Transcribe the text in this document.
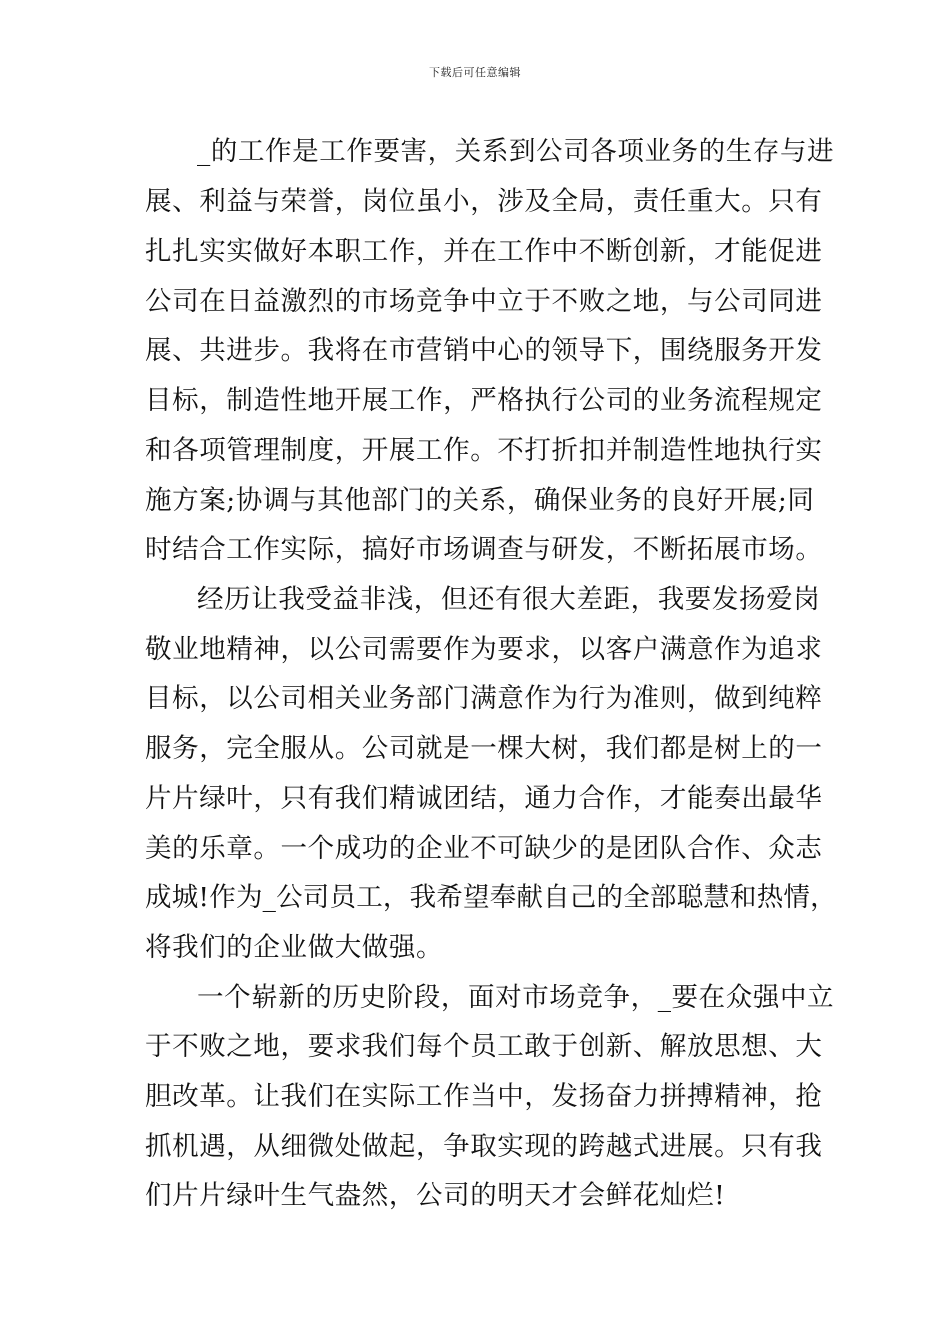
下载后可任意编辑
_的工作是工作要害，关系到公司各项业务的生存与进
展、利益与荣誉，岗位虽小，涉及全局，责任重大。只有
扎扎实实做好本职工作，并在工作中不断创新，才能促进
公司在日益激烈的市场竞争中立于不败之地，与公司同进
展、共进步。我将在市营销中心的领导下，围绕服务开发
目标，制造性地开展工作，严格执行公司的业务流程规定
和各项管理制度，开展工作。不打折扣并制造性地执行实
施方案;协调与其他部门的关系，确保业务的良好开展;同
时结合工作实际，搞好市场调查与研发，不断拓展市场。
经历让我受益非浅，但还有很大差距，我要发扬爱岗
敬业地精神，以公司需要作为要求，以客户满意作为追求
目标，以公司相关业务部门满意作为行为准则，做到纯粹
服务，完全服从。公司就是一棵大树，我们都是树上的一
片片绿叶，只有我们精诚团结，通力合作，才能奏出最华
美的乐章。一个成功的企业不可缺少的是团队合作、众志
成城!作为_公司员工，我希望奉献自己的全部聪慧和热情，
将我们的企业做大做强。
一个崭新的历史阶段，面对市场竞争，_要在众强中立
于不败之地，要求我们每个员工敢于创新、解放思想、大
胆改革。让我们在实际工作当中，发扬奋力拼搏精神，抢
抓机遇，从细微处做起，争取实现的跨越式进展。只有我
们片片绿叶生气盎然，公司的明天才会鲜花灿烂!
